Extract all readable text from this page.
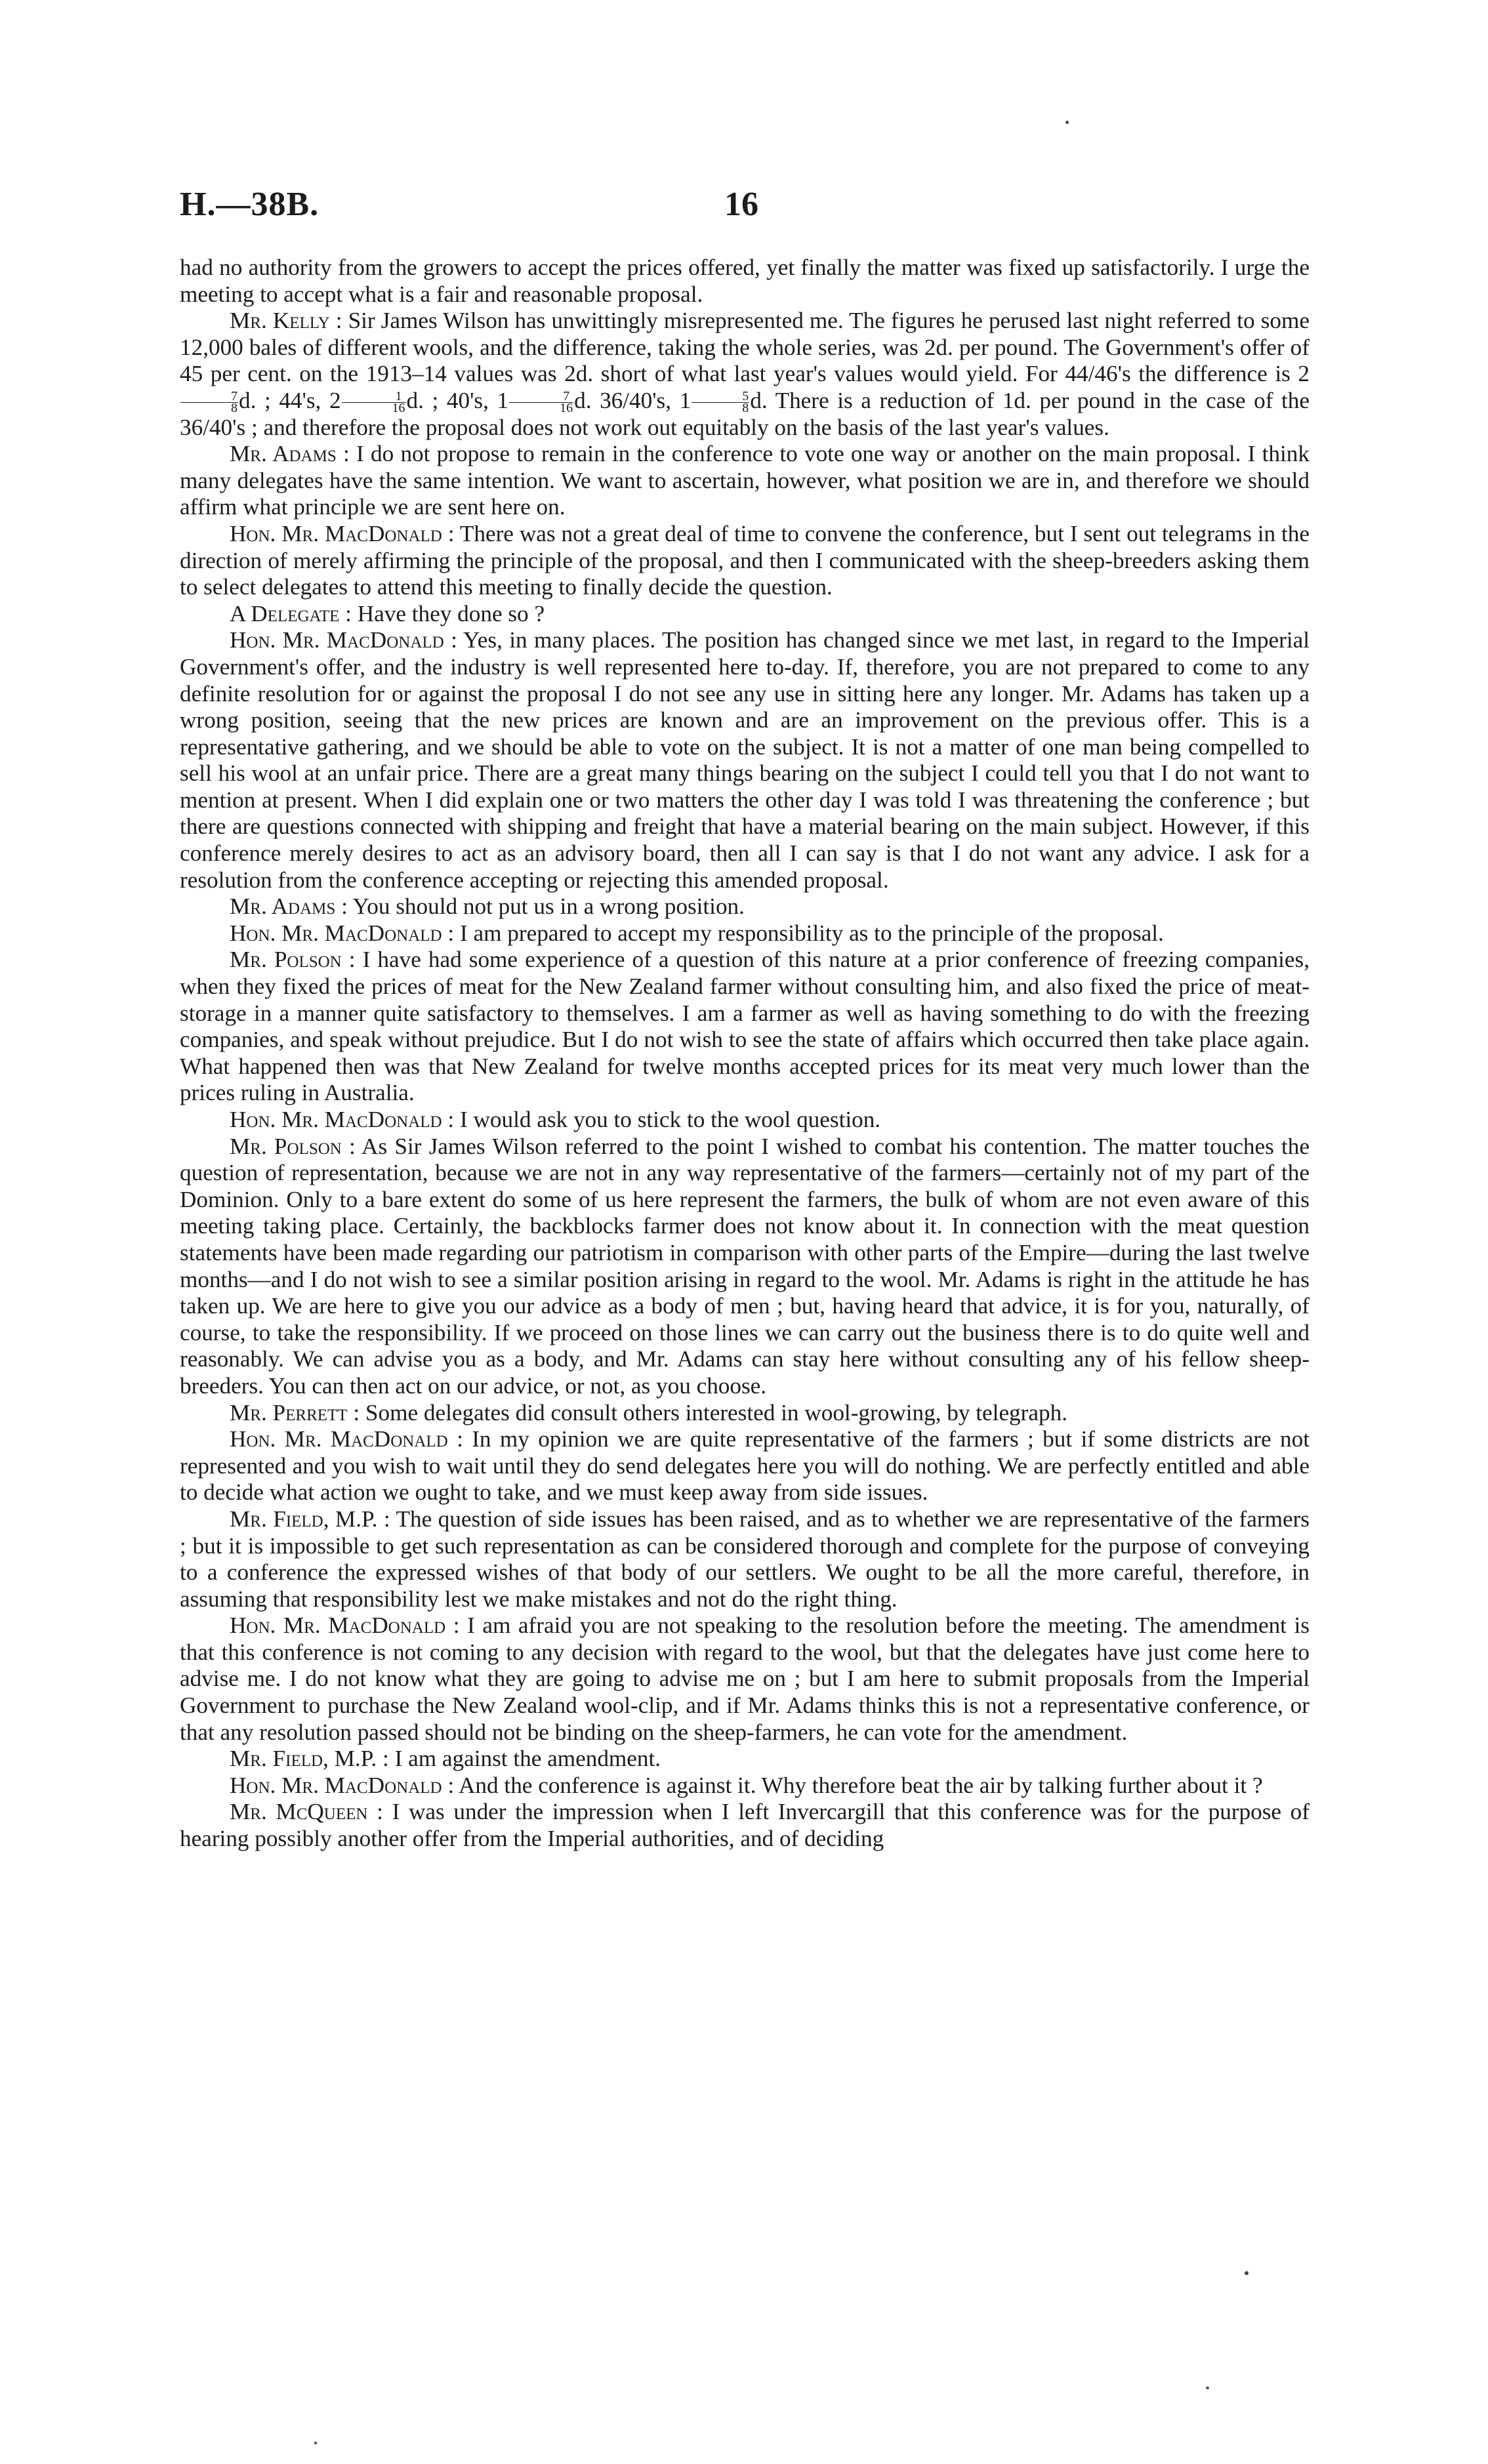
H.—38B.	16

had no authority from the growers to accept the prices offered, yet finally the matter was fixed up satisfactorily. I urge the meeting to accept what is a fair and reasonable proposal.

Mr. Kelly : Sir James Wilson has unwittingly misrepresented me. The figures he perused last night referred to some 12,000 bales of different wools, and the difference, taking the whole series, was 2d. per pound. The Government's offer of 45 per cent. on the 1913–14 values was 2d. short of what last year's values would yield. For 44/46's the difference is 2
$\frac{7}{8} d$. ; 44's, $2 \frac{1}{16} d$. ; 40's, $1 \frac{7}{16} d$. 36/40's, $1 \frac{5}{8} d$. There is a reduction of 1d. per pound in the case of the 36/40's ; and therefore the proposal does not work out equitably on the basis of the last year's values.

Mr. Adams : I do not propose to remain in the conference to vote one way or another on the main proposal. I think many delegates have the same intention. We want to ascertain, however, what position we are in, and therefore we should affirm what principle we are sent here on.

Hon. Mr. MacDonald : There was not a great deal of time to convene the conference, but I sent out telegrams in the direction of merely affirming the principle of the proposal, and then I communicated with the sheep-breeders asking them to select delegates to attend this meeting to finally decide the question.

A Delegate : Have they done so ?

Hon. Mr. MacDonald : Yes, in many places. The position has changed since we met last, in regard to the Imperial Government's offer, and the industry is well represented here to-day. If, therefore, you are not prepared to come to any definite resolution for or against the proposal I do not see any use in sitting here any longer. Mr. Adams has taken up a wrong position, seeing that the new prices are known and are an improvement on the previous offer. This is a representative gathering, and we should be able to vote on the subject. It is not a matter of one man being compelled to sell his wool at an unfair price. There are a great many things bearing on the subject I could tell you that I do not want to mention at present. When I did explain one or two matters the other day I was told I was threatening the conference ; but there are questions connected with shipping and freight that have a material bearing on the main subject. However, if this conference merely desires to act as an advisory board, then all I can say is that I do not want any advice. I ask for a resolution from the conference accepting or rejecting this amended proposal.

Mr. Adams : You should not put us in a wrong position.

Hon. Mr. MacDonald : I am prepared to accept my responsibility as to the principle of the proposal.

Mr. Polson : I have had some experience of a question of this nature at a prior conference of freezing companies, when they fixed the prices of meat for the New Zealand farmer without consulting him, and also fixed the price of meat-storage in a manner quite satisfactory to themselves. I am a farmer as well as having something to do with the freezing companies, and speak without prejudice. But I do not wish to see the state of affairs which occurred then take place again. What happened then was that New Zealand for twelve months accepted prices for its meat very much lower than the prices ruling in Australia.

Hon. Mr. MacDonald : I would ask you to stick to the wool question.

Mr. Polson : As Sir James Wilson referred to the point I wished to combat his contention. The matter touches the question of representation, because we are not in any way representative of the farmers—certainly not of my part of the Dominion. Only to a bare extent do some of us here represent the farmers, the bulk of whom are not even aware of this meeting taking place. Certainly, the backblocks farmer does not know about it. In connection with the meat question statements have been made regarding our patriotism in comparison with other parts of the Empire—during the last twelve months—and I do not wish to see a similar position arising in regard to the wool. Mr. Adams is right in the attitude he has taken up. We are here to give you our advice as a body of men ; but, having heard that advice, it is for you, naturally, of course, to take the responsibility. If we proceed on those lines we can carry out the business there is to do quite well and reasonably. We can advise you as a body, and Mr. Adams can stay here without consulting any of his fellow sheep-breeders. You can then act on our advice, or not, as you choose.

Mr. Perrett : Some delegates did consult others interested in wool-growing, by telegraph.

Hon. Mr. MacDonald : In my opinion we are quite representative of the farmers ; but if some districts are not represented and you wish to wait until they do send delegates here you will do nothing. We are perfectly entitled and able to decide what action we ought to take, and we must keep away from side issues.

Mr. Field, M.P. : The question of side issues has been raised, and as to whether we are representative of the farmers ; but it is impossible to get such representation as can be considered thorough and complete for the purpose of conveying to a conference the expressed wishes of that body of our settlers. We ought to be all the more careful, therefore, in assuming that responsibility lest we make mistakes and not do the right thing.

Hon. Mr. MacDonald : I am afraid you are not speaking to the resolution before the meeting. The amendment is that this conference is not coming to any decision with regard to the wool, but that the delegates have just come here to advise me. I do not know what they are going to advise me on ; but I am here to submit proposals from the Imperial Government to purchase the New Zealand wool-clip, and if Mr. Adams thinks this is not a representative conference, or that any resolution passed should not be binding on the sheep-farmers, he can vote for the amendment.

Mr. Field, M.P. : I am against the amendment.

Hon. Mr. MacDonald : And the conference is against it. Why therefore beat the air by talking further about it ?

Mr. McQueen : I was under the impression when I left Invercargill that this conference was for the purpose of hearing possibly another offer from the Imperial authorities, and of deciding
